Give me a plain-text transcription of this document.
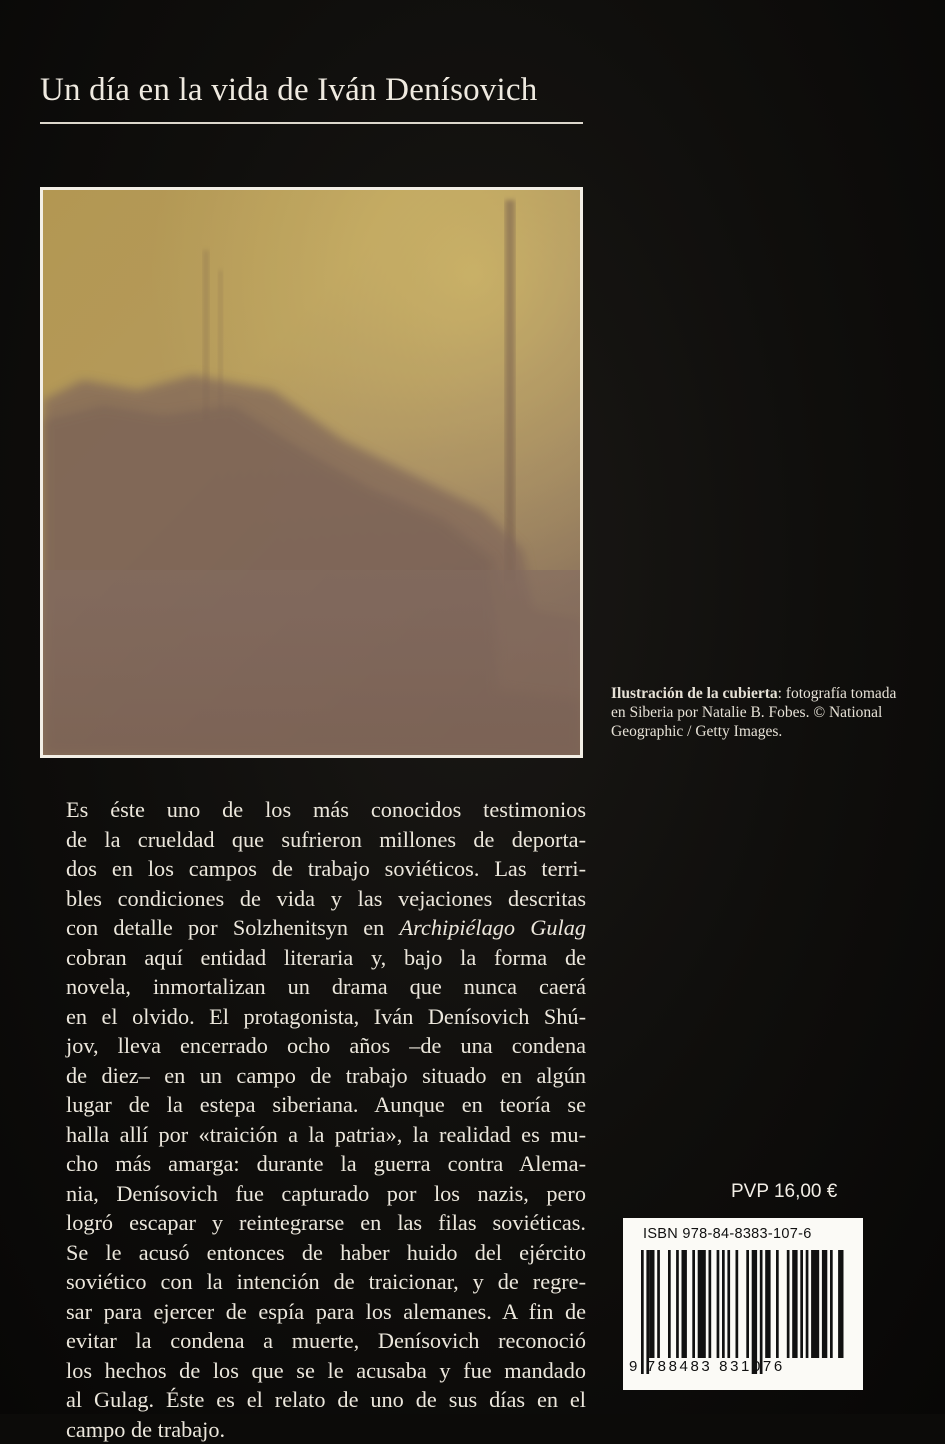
Un día en la vida de Iván Denísovich
Ilustración de la cubierta: fotografía tomada en Siberia por Natalie B. Fobes. © National Geographic / Getty Images.
Es éste uno de los más conocidos testimonios
de la crueldad que sufrieron millones de deporta-
dos en los campos de trabajo soviéticos. Las terri-
bles condiciones de vida y las vejaciones descritas
con detalle por Solzhenitsyn en Archipiélago Gulag
cobran aquí entidad literaria y, bajo la forma de
novela, inmortalizan un drama que nunca caerá
en el olvido. El protagonista, Iván Denísovich Shú-
jov, lleva encerrado ocho años –de una condena
de diez– en un campo de trabajo situado en algún
lugar de la estepa siberiana. Aunque en teoría se
halla allí por «traición a la patria», la realidad es mu-
cho más amarga: durante la guerra contra Alema-
nia, Denísovich fue capturado por los nazis, pero
logró escapar y reintegrarse en las filas soviéticas.
Se le acusó entonces de haber huido del ejército
soviético con la intención de traicionar, y de regre-
sar para ejercer de espía para los alemanes. A fin de
evitar la condena a muerte, Denísovich reconoció
los hechos de los que se le acusaba y fue mandado
al Gulag. Éste es el relato de uno de sus días en el
campo de trabajo.
PVP 16,00 €
ISBN 978-84-8383-107-6
9 788483 831076
